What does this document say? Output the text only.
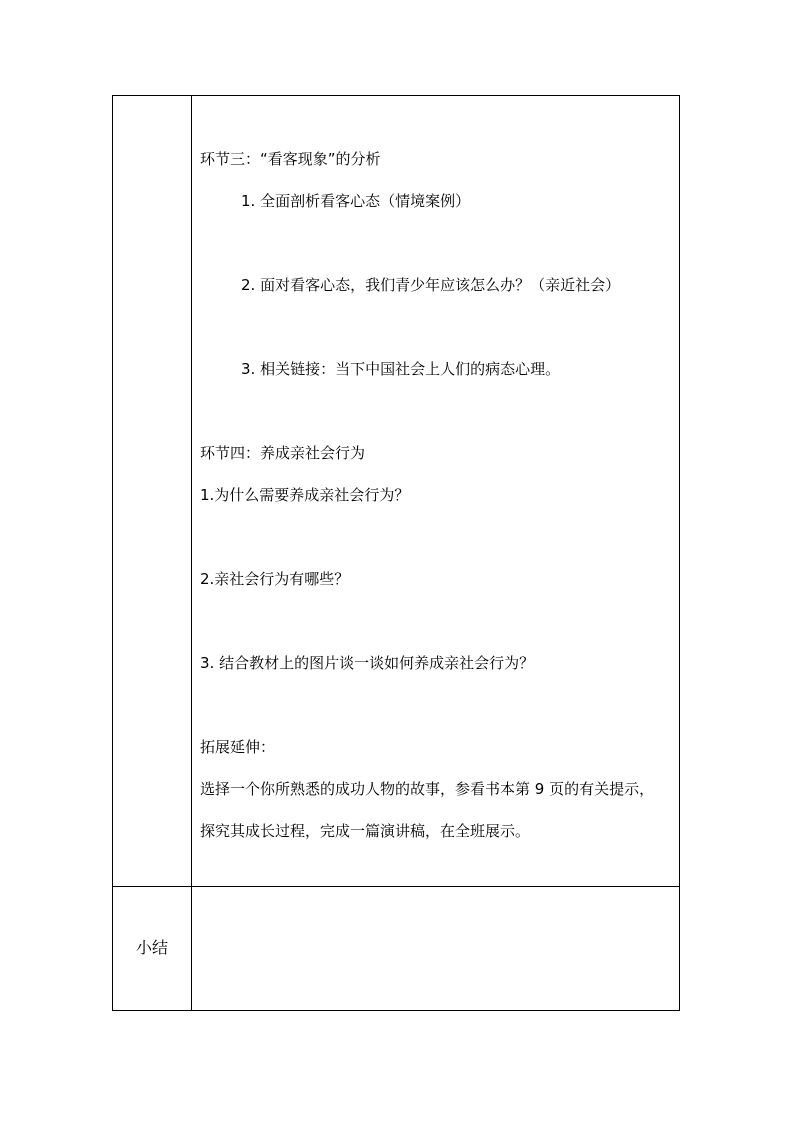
环节三：“看客现象”的分析
1. 全面剖析看客心态（情境案例）
2. 面对看客心态，我们青少年应该怎么办？（亲近社会）
3. 相关链接：当下中国社会上人们的病态心理。
环节四：养成亲社会行为
1.为什么需要养成亲社会行为？
2.亲社会行为有哪些？
3. 结合教材上的图片谈一谈如何养成亲社会行为？
拓展延伸：
选择一个你所熟悉的成功人物的故事，参看书本第 9 页的有关提示，
探究其成长过程，完成一篇演讲稿，在全班展示。
小结
